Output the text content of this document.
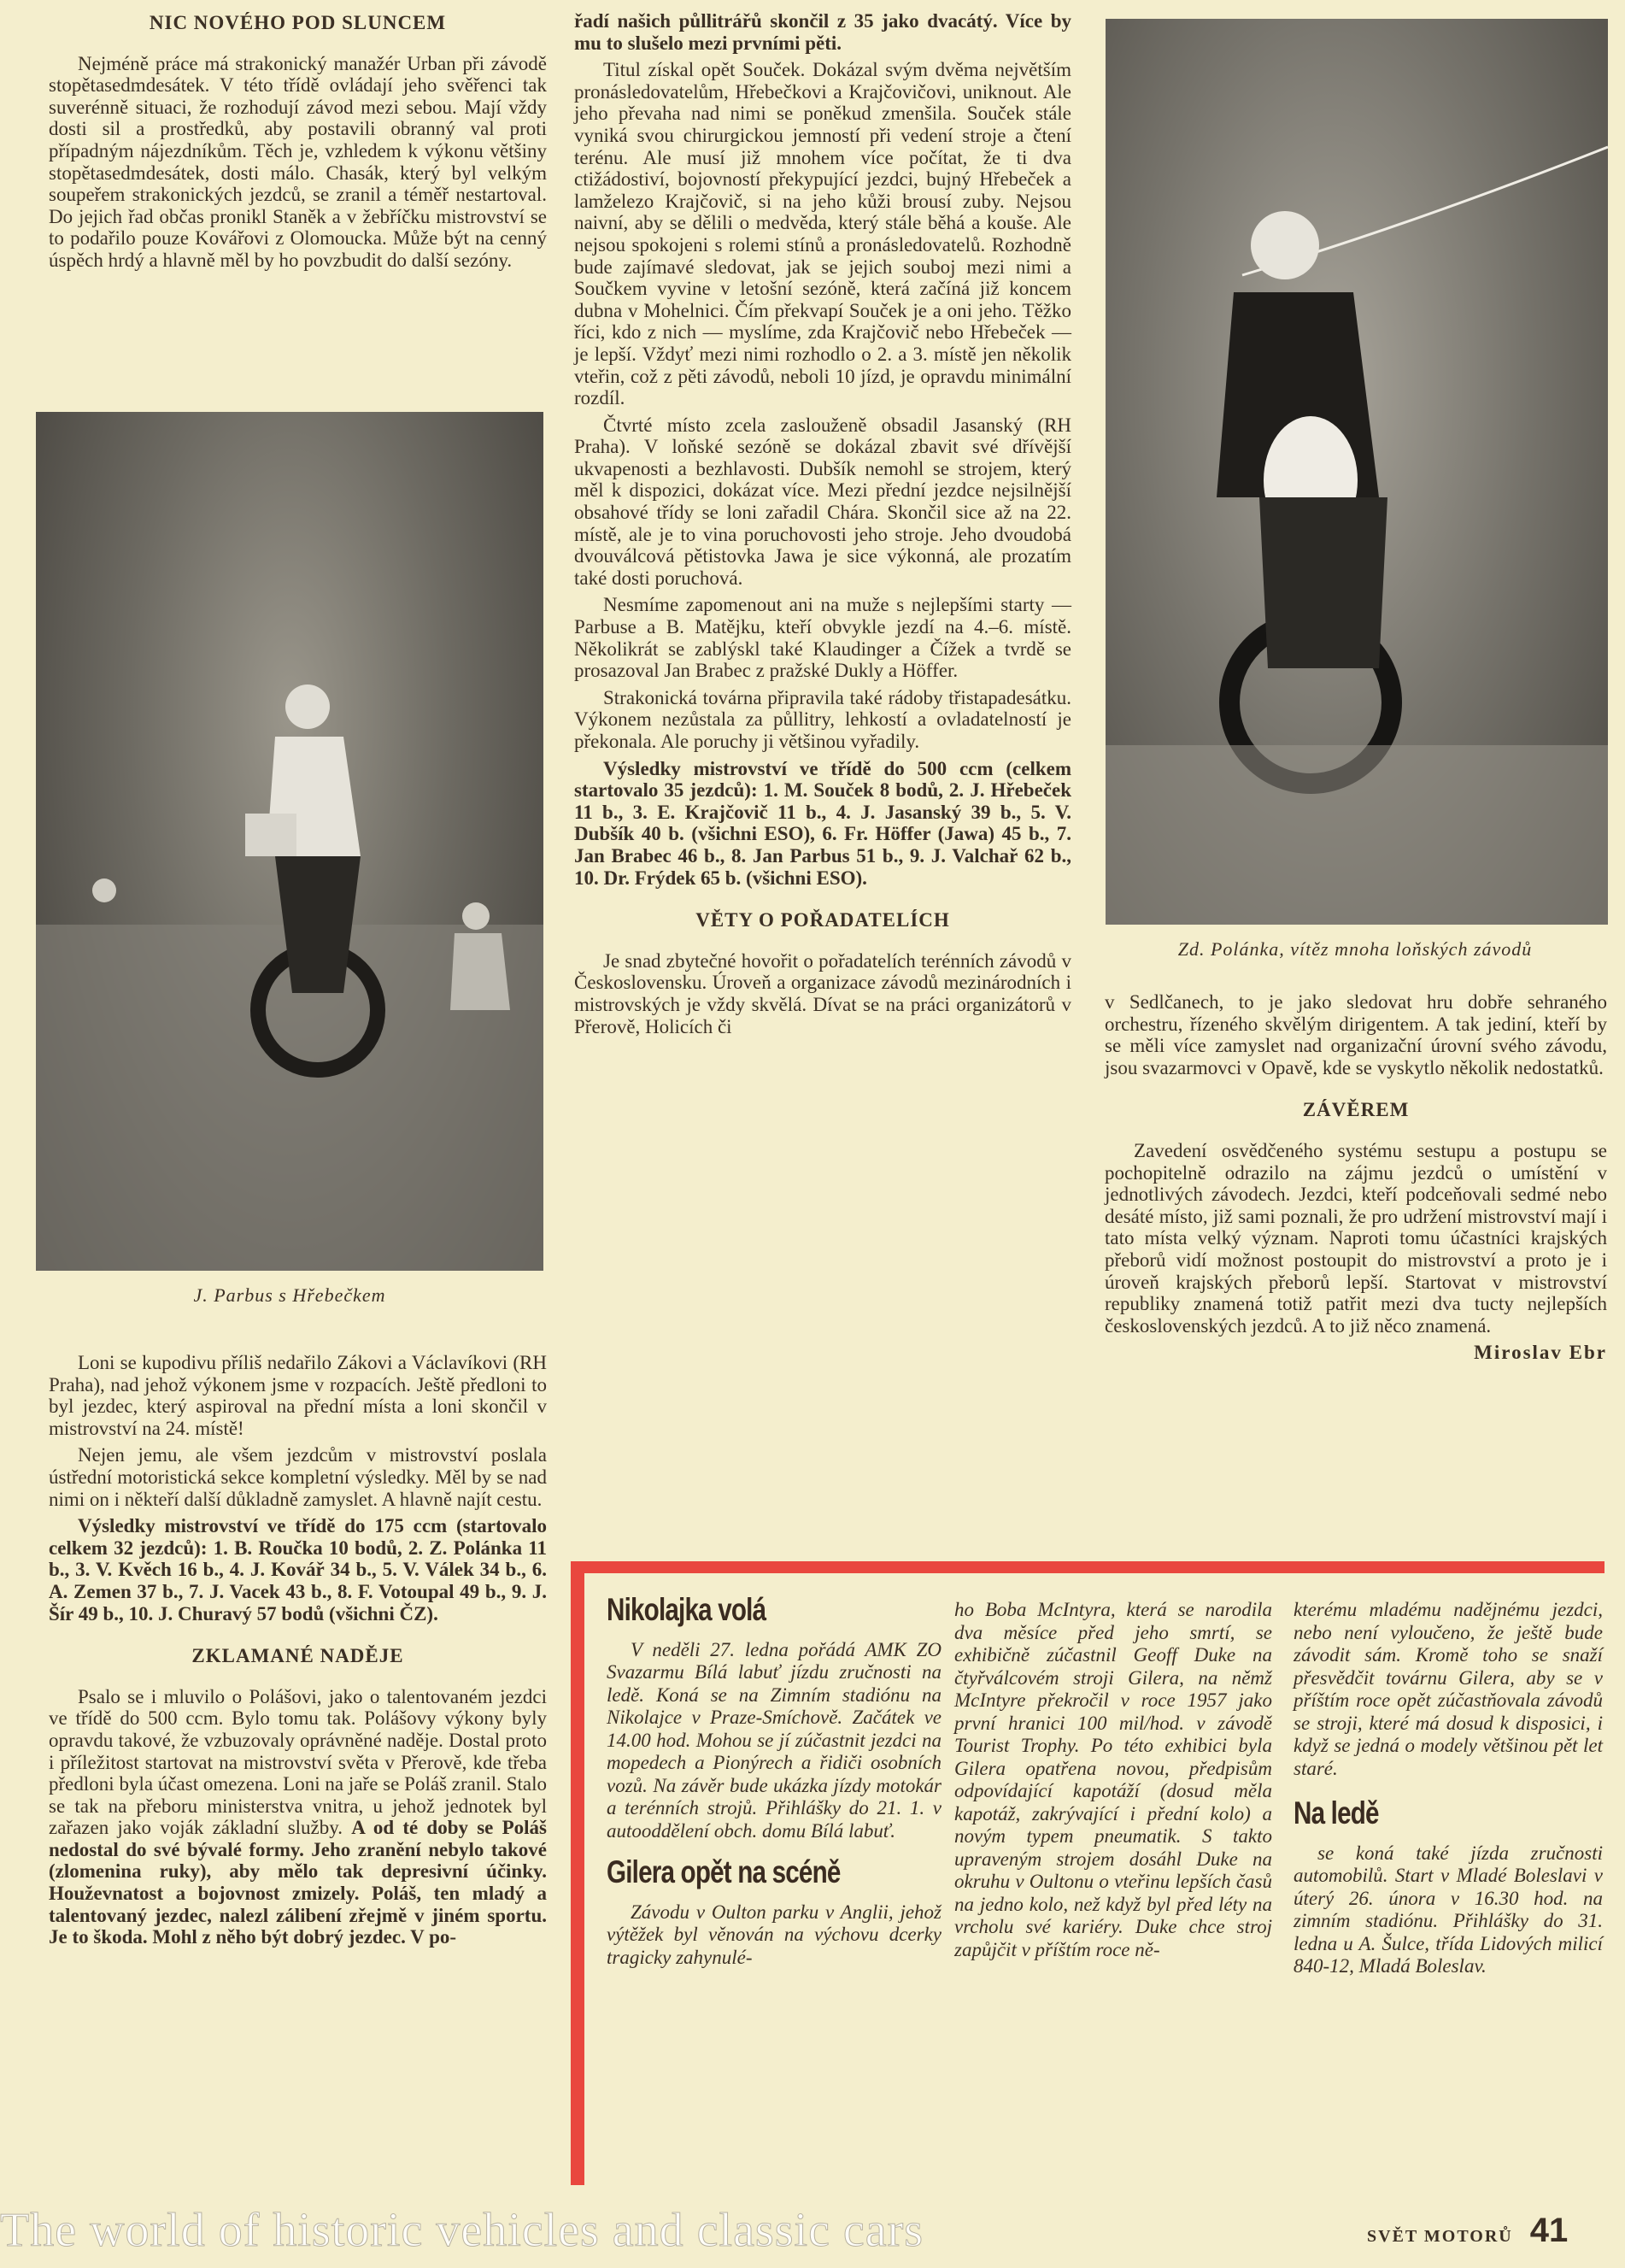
NIC NOVÉHO POD SLUNCEM

Nejméně práce má strakonický manažér Urban při závodě stopětasedmdesátek. V této třídě ovládají jeho svěřenci tak suverénně situaci, že rozhodují závod mezi sebou. Mají vždy dosti sil a prostředků, aby postavili obranný val proti případným nájezdníkům. Těch je, vzhledem k výkonu většiny stopětasedmdesátek, dosti málo. Chasák, který byl velkým soupeřem strakonických jezdců, se zranil a téměř nestartoval. Do jejich řad občas pronikl Staněk a v žebříčku mistrovství se to podařilo pouze Kovářovi z Olomoucka. Může být na cenný úspěch hrdý a hlavně měl by ho povzbudit do další sezóny.

J. Parbus s Hřebečkem

Loni se kupodivu příliš nedařilo Zákovi a Václavíkovi (RH Praha), nad jehož výkonem jsme v rozpacích. Ještě předloni to byl jezdec, který aspiroval na přední místa a loni skončil v mistrovství na 24. místě!

Nejen jemu, ale všem jezdcům v mistrovství poslala ústřední motoristická sekce kompletní výsledky. Měl by se nad nimi on i někteří další důkladně zamyslet. A hlavně najít cestu.

Výsledky mistrovství ve třídě do 175 ccm (startovalo celkem 32 jezdců): 1. B. Roučka 10 bodů, 2. Z. Polánka 11 b., 3. V. Kvěch 16 b., 4. J. Kovář 34 b., 5. V. Válek 34 b., 6. A. Zemen 37 b., 7. J. Vacek 43 b., 8. F. Votoupal 49 b., 9. J. Šír 49 b., 10. J. Churavý 57 bodů (všichni ČZ).

ZKLAMANÉ NADĚJE

Psalo se i mluvilo o Polášovi, jako o talentovaném jezdci ve třídě do 500 ccm. Bylo tomu tak. Polášovy výkony byly opravdu takové, že vzbuzovaly oprávněné naděje. Dostal proto i příležitost startovat na mistrovství světa v Přerově, kde třeba předloni byla účast omezena. Loni na jaře se Poláš zranil. Stalo se tak na přeboru ministerstva vnitra, u jehož jednotek byl zařazen jako voják základní služby. A od té doby se Poláš nedostal do své bývalé formy. Jeho zranění nebylo takové (zlomenina ruky), aby mělo tak depresivní účinky. Houževnatost a bojovnost zmizely. Poláš, ten mladý a talentovaný jezdec, nalezl zálibení zřejmě v jiném sportu. Je to škoda. Mohl z něho být dobrý jezdec. V po-

řadí našich půllitrářů skončil z 35 jako dvacátý. Více by mu to slušelo mezi prvními pěti.

Titul získal opět Souček. Dokázal svým dvěma největším pronásledovatelům, Hřebečkovi a Krajčovičovi, uniknout. Ale jeho převaha nad nimi se poněkud zmenšila. Souček stále vyniká svou chirurgickou jemností při vedení stroje a čtení terénu. Ale musí již mnohem více počítat, že ti dva ctižádostiví, bojovností překypující jezdci, bujný Hřebeček a lamželezo Krajčovič, si na jeho kůži brousí zuby. Nejsou naivní, aby se dělili o medvěda, který stále běhá a kouše. Ale nejsou spokojeni s rolemi stínů a pronásledovatelů. Rozhodně bude zajímavé sledovat, jak se jejich souboj mezi nimi a Součkem vyvine v letošní sezóně, která začíná již koncem dubna v Mohelnici. Čím překvapí Souček je a oni jeho. Těžko říci, kdo z nich — myslíme, zda Krajčovič nebo Hřebeček — je lepší. Vždyť mezi nimi rozhodlo o 2. a 3. místě jen několik vteřin, což z pěti závodů, neboli 10 jízd, je opravdu minimální rozdíl.

Čtvrté místo zcela zaslouženě obsadil Jasanský (RH Praha). V loňské sezóně se dokázal zbavit své dřívější ukvapenosti a bezhlavosti. Dubšík nemohl se strojem, který měl k dispozici, dokázat více. Mezi přední jezdce nejsilnější obsahové třídy se loni zařadil Chára. Skončil sice až na 22. místě, ale je to vina poruchovosti jeho stroje. Jeho dvoudobá dvouválcová pětistovka Jawa je sice výkonná, ale prozatím také dosti poruchová.

Nesmíme zapomenout ani na muže s nejlepšími starty — Parbuse a B. Matějku, kteří obvykle jezdí na 4.–6. místě. Několikrát se zablýskl také Klaudinger a Čížek a tvrdě se prosazoval Jan Brabec z pražské Dukly a Höffer.

Strakonická továrna připravila také rádoby třistapadesátku. Výkonem nezůstala za půllitry, lehkostí a ovladatelností je překonala. Ale poruchy ji většinou vyřadily.

Výsledky mistrovství ve třídě do 500 ccm (celkem startovalo 35 jezdců): 1. M. Souček 8 bodů, 2. J. Hřebeček 11 b., 3. E. Krajčovič 11 b., 4. J. Jasanský 39 b., 5. V. Dubšík 40 b. (všichni ESO), 6. Fr. Höffer (Jawa) 45 b., 7. Jan Brabec 46 b., 8. Jan Parbus 51 b., 9. J. Valchař 62 b., 10. Dr. Frýdek 65 b. (všichni ESO).

VĚTY O POŘADATELÍCH

Je snad zbytečné hovořit o pořadatelích terénních závodů v Československu. Úroveň a organizace závodů mezinárodních i mistrovských je vždy skvělá. Dívat se na práci organizátorů v Přerově, Holicích či

Zd. Polánka, vítěz mnoha loňských závodů

v Sedlčanech, to je jako sledovat hru dobře sehraného orchestru, řízeného skvělým dirigentem. A tak jediní, kteří by se měli více zamyslet nad organizační úrovní svého závodu, jsou svazarmovci v Opavě, kde se vyskytlo několik nedostatků.

ZÁVĚREM

Zavedení osvědčeného systému sestupu a postupu se pochopitelně odrazilo na zájmu jezdců o umístění v jednotlivých závodech. Jezdci, kteří podceňovali sedmé nebo desáté místo, již sami poznali, že pro udržení mistrovství mají i tato místa velký význam. Naproti tomu účastníci krajských přeborů vidí možnost postoupit do mistrovství a proto je i úroveň krajských přeborů lepší. Startovat v mistrovství republiky znamená totiž patřit mezi dva tucty nejlepších československých jezdců. A to již něco znamená.

Miroslav Ebr
Nikolajka volá

V neděli 27. ledna pořádá AMK ZO Svazarmu Bílá labuť jízdu zručnosti na ledě. Koná se na Zimním stadiónu na Nikolajce v Praze-Smíchově. Začátek ve 14.00 hod. Mohou se jí zúčastnit jezdci na mopedech a Pionýrech a řidiči osobních vozů. Na závěr bude ukázka jízdy motokár a terénních strojů. Přihlášky do 21. 1. v autooddělení obch. domu Bílá labuť.

Gilera opět na scéně

Závodu v Oulton parku v Anglii, jehož výtěžek byl věnován na výchovu dcerky tragicky zahynulé-

ho Boba McIntyra, která se narodila dva měsíce před jeho smrtí, se exhibičně zúčastnil Geoff Duke na čtyřválcovém stroji Gilera, na němž McIntyre překročil v roce 1957 jako první hranici 100 mil/hod. v závodě Tourist Trophy. Po této exhibici byla Gilera opatřena novou, předpisům odpovídající kapotáží (dosud měla kapotáž, zakrývající i přední kolo) a novým typem pneumatik. S takto upraveným strojem dosáhl Duke na okruhu v Oultonu o vteřinu lepších časů na jedno kolo, než když byl před léty na vrcholu své kariéry. Duke chce stroj zapůjčit v příštím roce ně-

kterému mladému nadějnému jezdci, nebo není vyloučeno, že ještě bude závodit sám. Kromě toho se snaží přesvědčit továrnu Gilera, aby se v příštím roce opět zúčastňovala závodů se stroji, které má dosud k disposici, i když se jedná o modely většinou pět let staré.

Na ledě

se koná také jízda zručnosti automobilů. Start v Mladé Boleslavi v úterý 26. února v 16.30 hod. na zimním stadiónu. Přihlášky do 31. ledna u A. Šulce, třída Lidových milicí 840-12, Mladá Boleslav.

The world of historic vehicles and classic cars	SVĚT MOTORŮ 41
